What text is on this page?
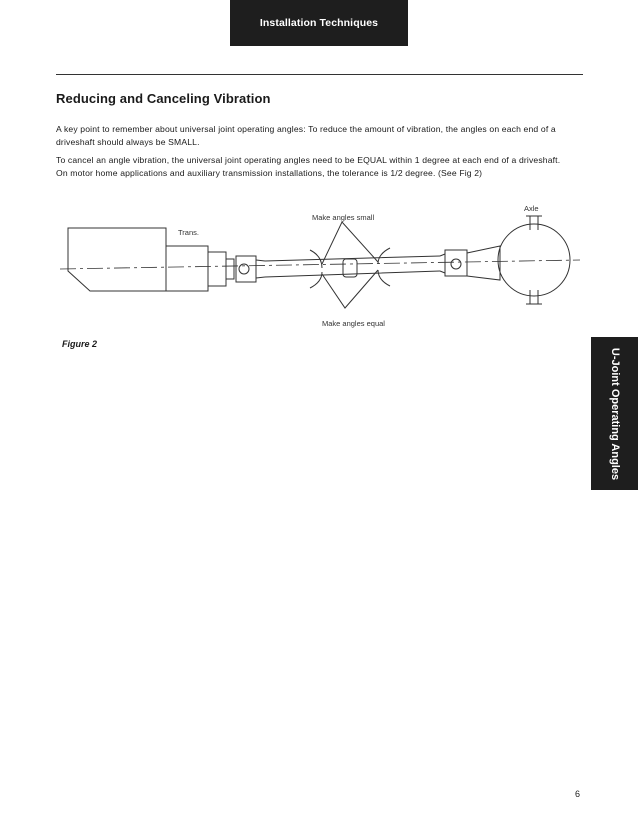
Installation Techniques
Reducing and Canceling Vibration
A key point to remember about universal joint operating angles: To reduce the amount of vibration, the angles on each end of a
driveshaft should always be SMALL.
To cancel an angle vibration, the universal joint operating angles need to be EQUAL within 1 degree at each end of a driveshaft.
On motor home applications and auxiliary transmission installations, the tolerance is 1/2 degree. (See Fig 2)
Axle
Trans.
Make angles small
Make angles equal
Figure 2
U-Joint Operating Angles
6
